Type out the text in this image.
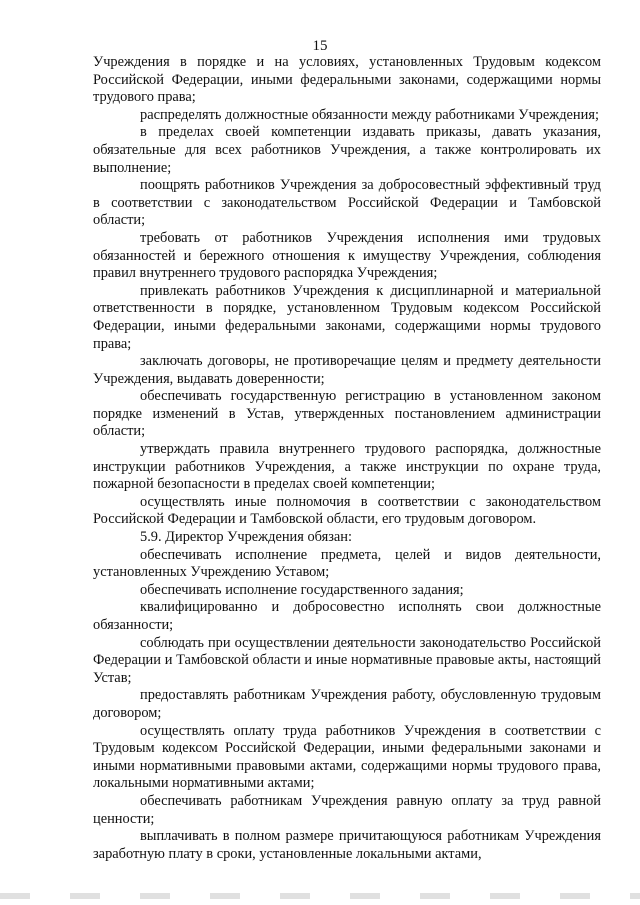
15

Учреждения в порядке и на условиях, установленных Трудовым кодексом Российской Федерации, иными федеральными законами, содержащими нормы трудового права;

распределять должностные обязанности между работниками Учреждения;

в пределах своей компетенции издавать приказы, давать указания, обязательные для всех работников Учреждения, а также контролировать их выполнение;

поощрять работников Учреждения за добросовестный эффективный труд в соответствии с законодательством Российской Федерации и Тамбовской области;

требовать от работников Учреждения исполнения ими трудовых обязанностей и бережного отношения к имуществу Учреждения, соблюдения правил внутреннего трудового распорядка Учреждения;

привлекать работников Учреждения к дисциплинарной и материальной ответственности в порядке, установленном Трудовым кодексом Российской Федерации, иными федеральными законами, содержащими нормы трудового права;

заключать договоры, не противоречащие целям и предмету деятельности Учреждения, выдавать доверенности;

обеспечивать государственную регистрацию в установленном законом порядке изменений в Устав, утвержденных постановлением администрации области;

утверждать правила внутреннего трудового распорядка, должностные инструкции работников Учреждения, а также инструкции по охране труда, пожарной безопасности в пределах своей компетенции;

осуществлять иные полномочия в соответствии с законодательством Российской Федерации и Тамбовской области, его трудовым договором.

5.9. Директор Учреждения обязан:

обеспечивать исполнение предмета, целей и видов деятельности, установленных Учреждению Уставом;

обеспечивать исполнение государственного задания;

квалифицированно и добросовестно исполнять свои должностные обязанности;

соблюдать при осуществлении деятельности законодательство Российской Федерации и Тамбовской области и иные нормативные правовые акты, настоящий Устав;

предоставлять работникам Учреждения работу, обусловленную трудовым договором;

осуществлять оплату труда работников Учреждения в соответствии с Трудовым кодексом Российской Федерации, иными федеральными законами и иными нормативными правовыми актами, содержащими нормы трудового права, локальными нормативными актами;

обеспечивать работникам Учреждения равную оплату за труд равной ценности;

выплачивать в полном размере причитающуюся работникам Учреждения заработную плату в сроки, установленные локальными актами,
